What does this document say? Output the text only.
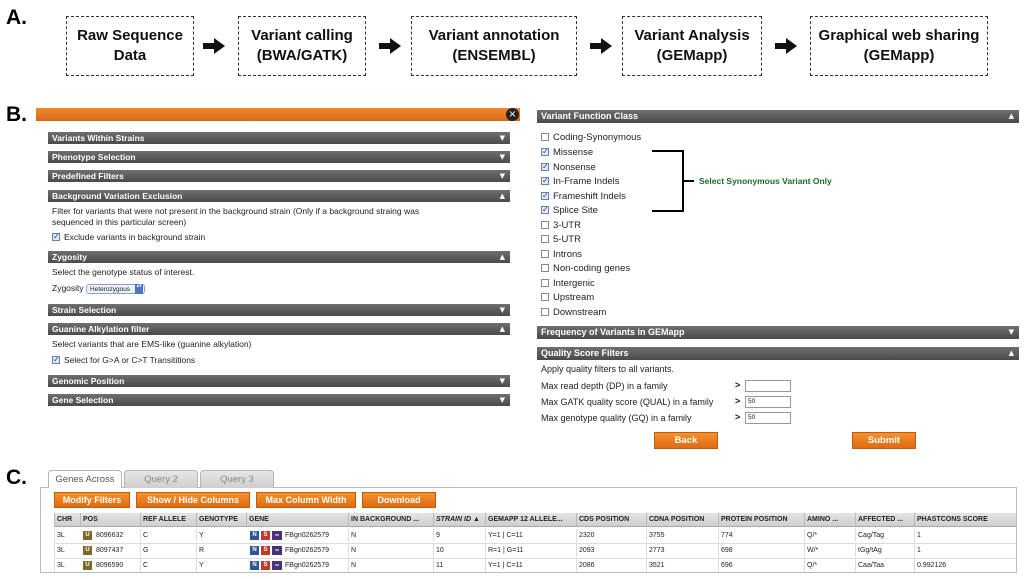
A.
B.
C.
Raw Sequence
Data
Variant calling
(BWA/GATK)
Variant annotation
(ENSEMBL)
Variant Analysis
(GEMapp)
Graphical web sharing
(GEMapp)
×
Variants Within Strains	▼
Phenotype Selection	▼
Predefined Filters	▼
Background Variation Exclusion	▲
Filter for variants that were not present in the background strain (Only if a background straing was
sequenced in this particular screen)
✓Exclude variants in background strain
Zygosity	▲
Select the genotype status of interest.
Zygosity Heterozygous ▴▾
Strain Selection	▼
Guanine Alkylation filter	▲
Select variants that are EMS-like (guanine alkylation)
✓Select for G>A or C>T Transititions
Genomic Position	▼
Gene Selection	▼
Variant Function Class	▲
Coding-Synonymous
✓Missense
✓Nonsense
✓In-Frame Indels
✓Frameshift Indels
✓Splice Site
3-UTR
5-UTR
Introns
Non-coding genes
Intergenic
Upstream
Downstream
Select Synonymous Variant Only
Frequency of Variants in GEMapp	▼
Quality Score Filters	▲
Apply quality filters to all variants.
Max read depth (DP) in a family	>
Max GATK quality score (QUAL) in a family >	50
Max genotype quality (GQ) in a family	>	50
Back	Submit
Genes Across	Query 2	Query 3
Modify Filters	Show / Hide Columns	Max Column Width	Download
CHR	POS	REF ALLELE	GENOTYPE	GENE	IN BACKGROUND ...	STRAIN ID ▲	GEMAPP 12 ALLELE...	CDS POSITION	CDNA POSITION	PROTEIN POSITION	AMINO ...	AFFECTED ...	PHASTCONS SCORE
3L	U 8096632	C	Y	N	S	≈ FBgn0262579	N	9	Y=1 | C=11	2320	3755	774	Q/*	Cag/Tag	1
3L	U 8097437	G	R	N	S	≈ FBgn0262579	N	10	R=1 | G=11	2093	2773	698	W/*	tGg/tAg	1
3L	U 8096590	C	Y	N	S	≈ FBgn0262579	N	11	Y=1 | C=11	2086	3521	696	Q/*	Caa/Taa	0.992126
